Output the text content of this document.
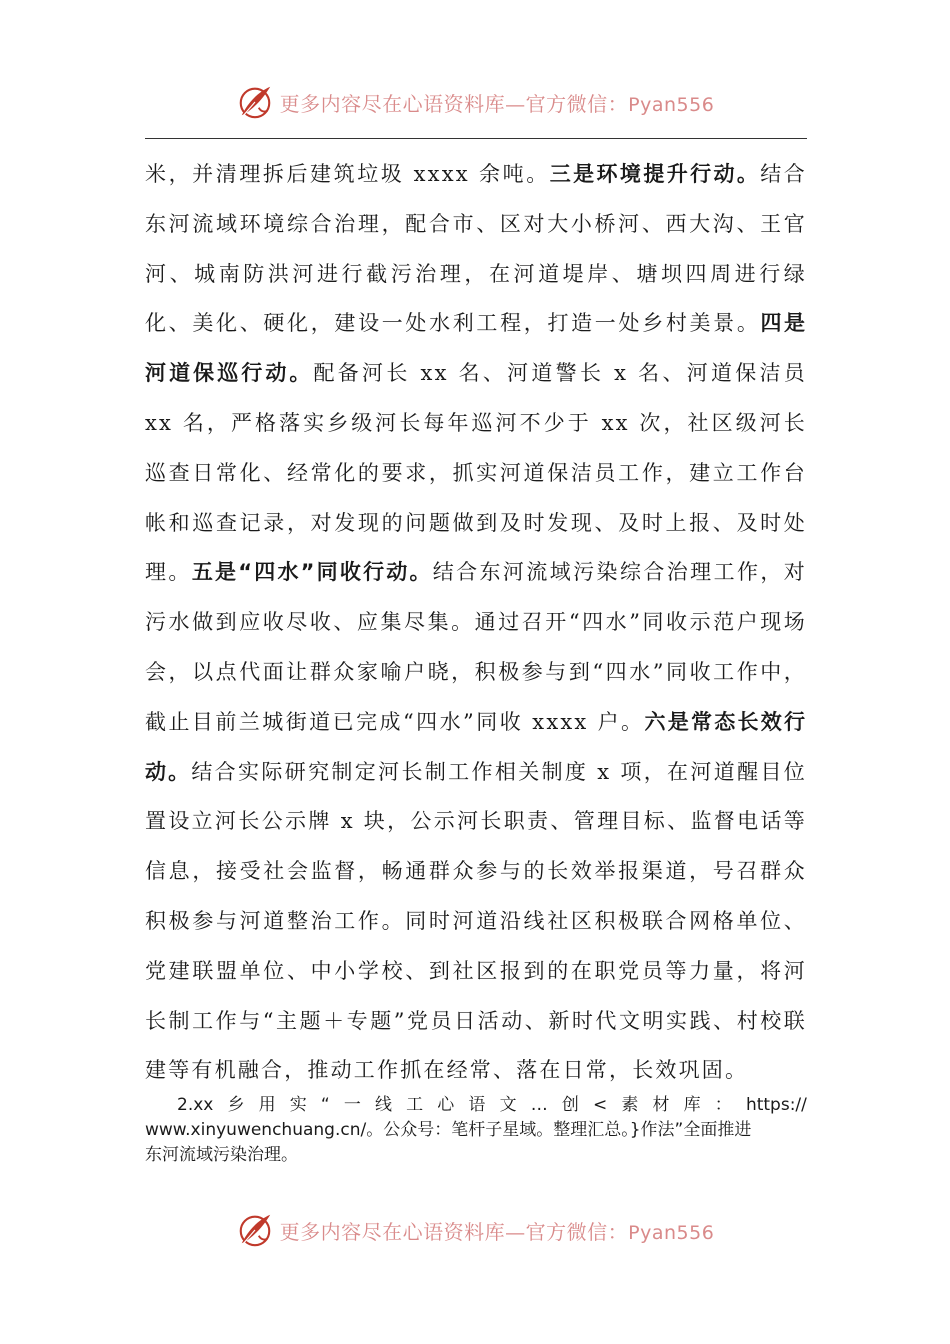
更多内容尽在心语资料库—官方微信：Pyan556

米，并清理拆后建筑垃圾 xxxx 余吨。三是环境提升行动。结合东河流域环境综合治理，配合市、区对大小桥河、西大沟、王官河、城南防洪河进行截污治理，在河道堤岸、塘坝四周进行绿化、美化、硬化，建设一处水利工程，打造一处乡村美景。四是河道保巡行动。配备河长 xx 名、河道警长 x 名、河道保洁员 xx 名，严格落实乡级河长每年巡河不少于 xx 次，社区级河长巡查日常化、经常化的要求，抓实河道保洁员工作，建立工作台帐和巡查记录，对发现的问题做到及时发现、及时上报、及时处理。五是“四水”同收行动。结合东河流域污染综合治理工作，对污水做到应收尽收、应集尽集。通过召开“四水”同收示范户现场会，以点代面让群众家喻户晓，积极参与到“四水”同收工作中，截止目前兰城街道已完成“四水”同收 xxxx 户。六是常态长效行动。结合实际研究制定河长制工作相关制度 x 项，在河道醒目位置设立河长公示牌 x 块，公示河长职责、管理目标、监督电话等信息，接受社会监督，畅通群众参与的长效举报渠道，号召群众积极参与河道整治工作。同时河道沿线社区积极联合网格单位、党建联盟单位、中小学校、到社区报到的在职党员等力量，将河长制工作与“主题＋专题”党员日活动、新时代文明实践、村校联建等有机融合，推动工作抓在经常、落在日常，长效巩固。

2.xx 乡 用 实 “ 一 线 工 心 语 文 … 创 < 素 材 库 ： https://
www.xinyuwenchuang.cn/。公众号：笔杆子星域。整理汇总。}作法”全面推进
东河流域污染治理。
更多内容尽在心语资料库—官方微信：Pyan556
